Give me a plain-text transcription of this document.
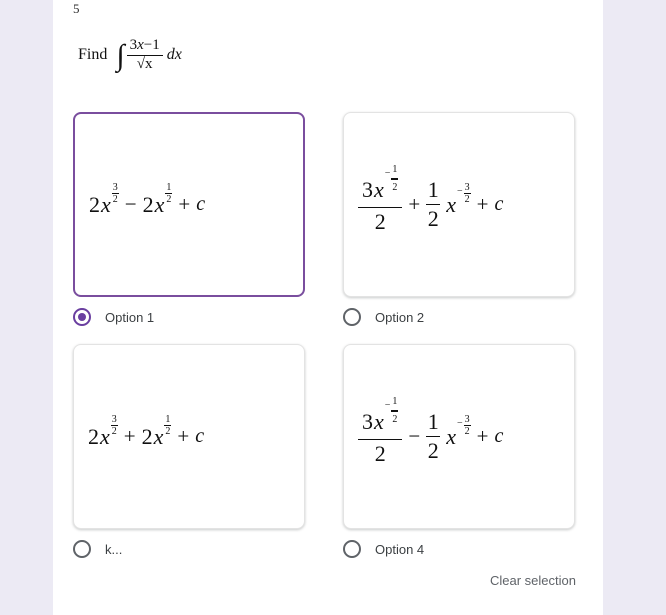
5
Find ∫ $\frac{3x-1}{√x}$ dx
2 x $\frac{3}{2} - 2$ x $\frac{1}{2} + c$
Option 1
3 x
− 1
2
$2 + \frac{1}{2}$ x
− 3
2 + c
Option 2
2 x $\frac{3}{2} + 2$ x $\frac{1}{2} + c$
k...
3 x
− 1
2
$2 - \frac{1}{2}$ x
− 3
2 + c
Option 4
Clear selection
